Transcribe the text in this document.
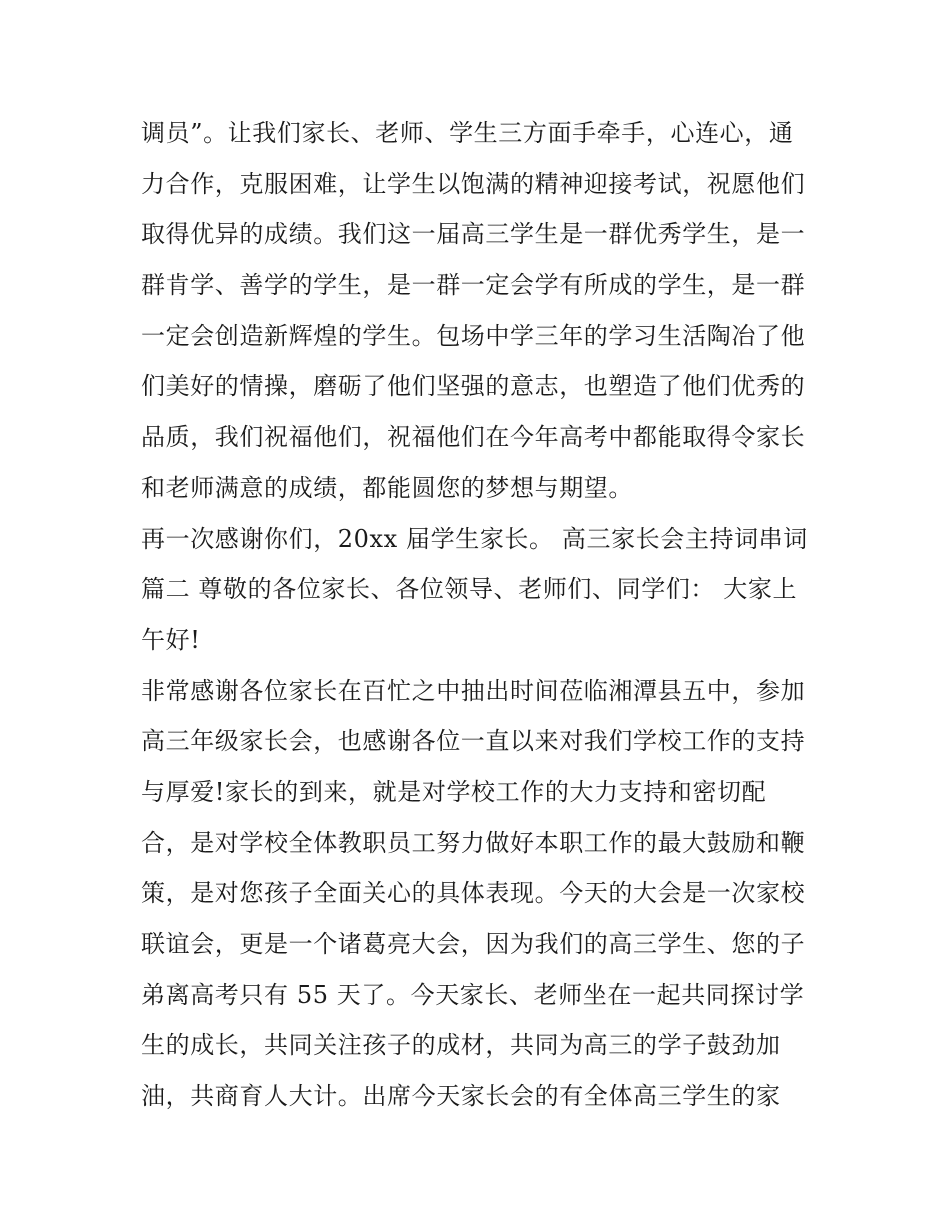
调员”。让我们家长、老师、学生三方面手牵手，心连心，通
力合作，克服困难，让学生以饱满的精神迎接考试，祝愿他们
取得优异的成绩。我们这一届高三学生是一群优秀学生，是一
群肯学、善学的学生，是一群一定会学有所成的学生，是一群
一定会创造新辉煌的学生。包场中学三年的学习生活陶冶了他
们美好的情操，磨砺了他们坚强的意志，也塑造了他们优秀的
品质，我们祝福他们，祝福他们在今年高考中都能取得令家长
和老师满意的成绩，都能圆您的梦想与期望。
再一次感谢你们，20xx 届学生家长。 高三家长会主持词串词
篇二 尊敬的各位家长、各位领导、老师们、同学们： 大家上
午好!
非常感谢各位家长在百忙之中抽出时间莅临湘潭县五中，参加
高三年级家长会，也感谢各位一直以来对我们学校工作的支持
与厚爱!家长的到来，就是对学校工作的大力支持和密切配
合，是对学校全体教职员工努力做好本职工作的最大鼓励和鞭
策，是对您孩子全面关心的具体表现。今天的大会是一次家校
联谊会，更是一个诸葛亮大会，因为我们的高三学生、您的子
弟离高考只有 55 天了。今天家长、老师坐在一起共同探讨学
生的成长，共同关注孩子的成材，共同为高三的学子鼓劲加
油，共商育人大计。出席今天家长会的有全体高三学生的家
